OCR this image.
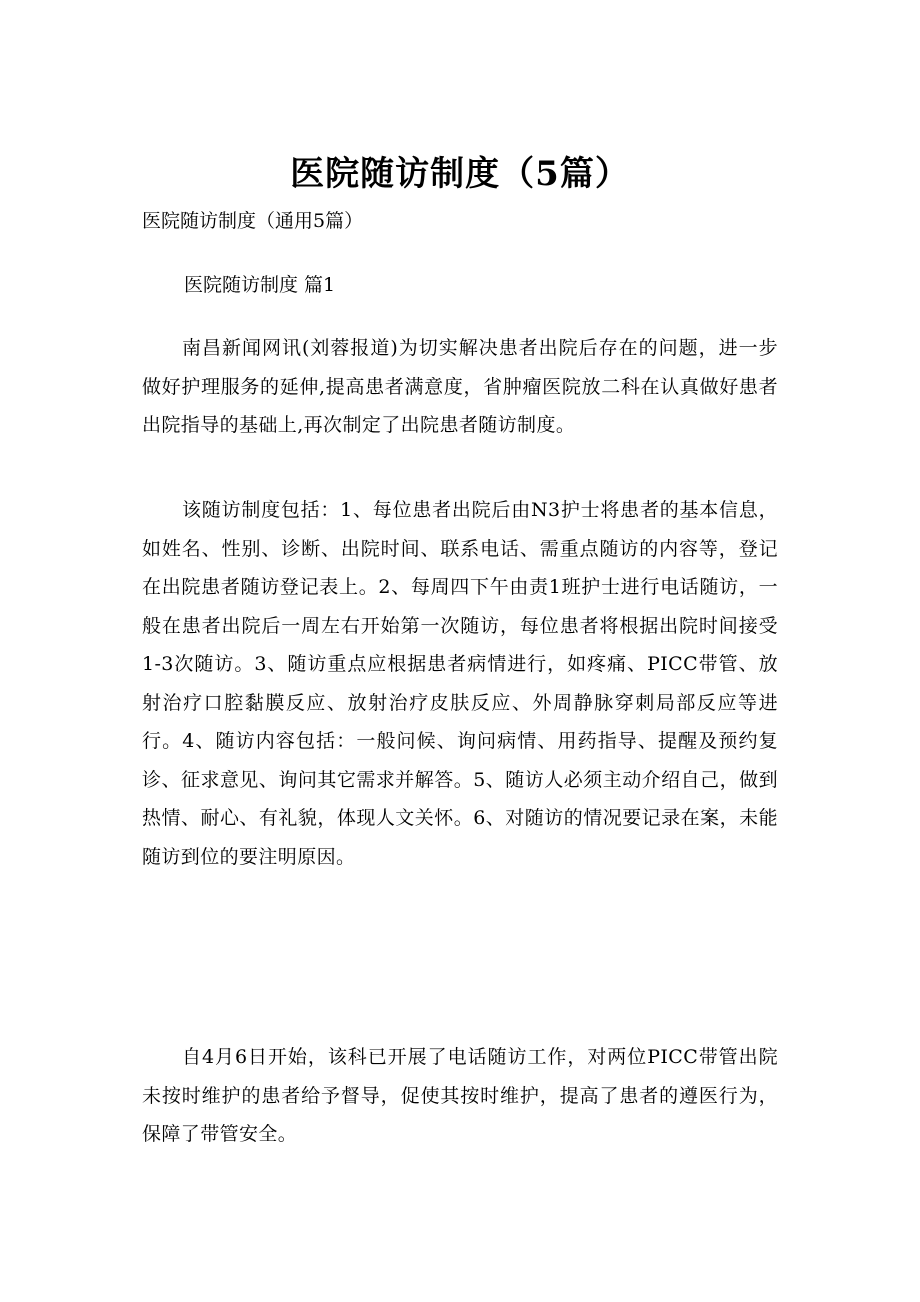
医院随访制度（5篇）

医院随访制度（通用5篇）

医院随访制度 篇1

南昌新闻网讯(刘蓉报道)为切实解决患者出院后存在的问题，进一步做好护理服务的延伸,提高患者满意度，省肿瘤医院放二科在认真做好患者出院指导的基础上,再次制定了出院患者随访制度。

该随访制度包括：1、每位患者出院后由N3护士将患者的基本信息，如姓名、性别、诊断、出院时间、联系电话、需重点随访的内容等，登记在出院患者随访登记表上。2、每周四下午由责1班护士进行电话随访，一般在患者出院后一周左右开始第一次随访，每位患者将根据出院时间接受1-3次随访。3、随访重点应根据患者病情进行，如疼痛、PICC带管、放射治疗口腔黏膜反应、放射治疗皮肤反应、外周静脉穿刺局部反应等进行。4、随访内容包括：一般问候、询问病情、用药指导、提醒及预约复诊、征求意见、询问其它需求并解答。5、随访人必须主动介绍自己，做到热情、耐心、有礼貌，体现人文关怀。6、对随访的情况要记录在案，未能随访到位的要注明原因。

自4月6日开始，该科已开展了电话随访工作，对两位PICC带管出院未按时维护的患者给予督导，促使其按时维护，提高了患者的遵医行为，保障了带管安全。
